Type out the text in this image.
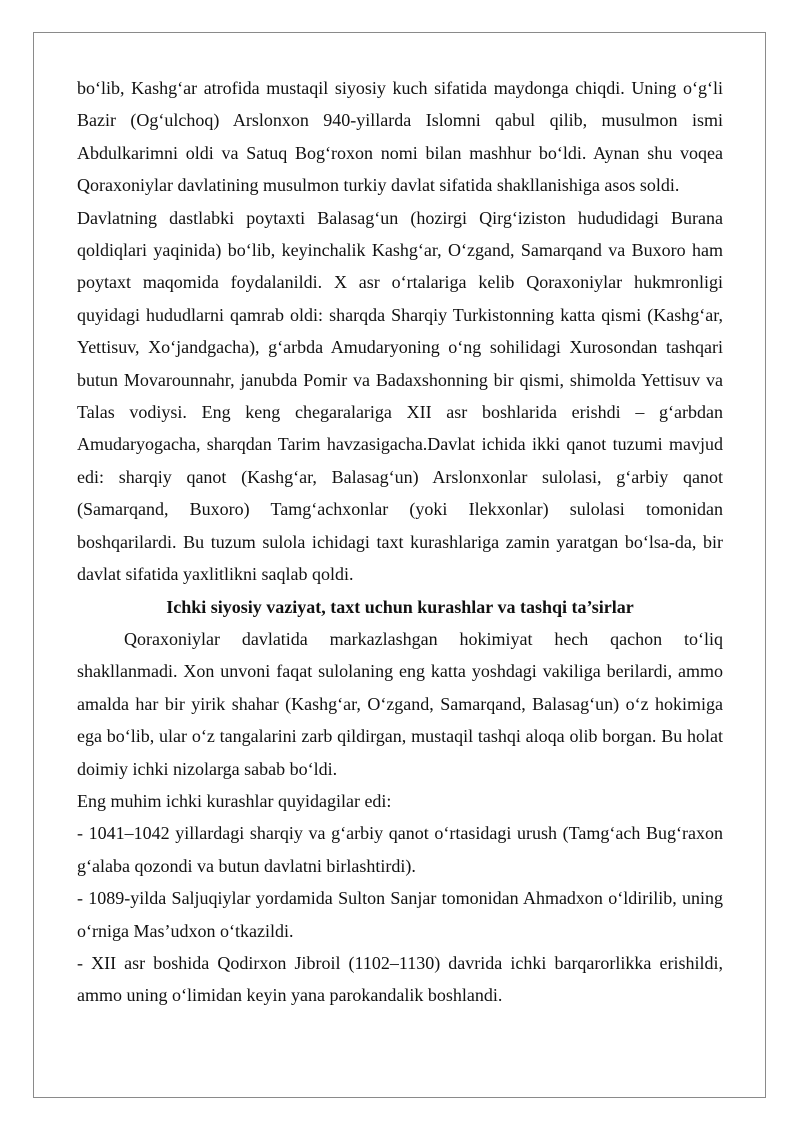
bo‘lib, Kashg‘ar atrofida mustaqil siyosiy kuch sifatida maydonga chiqdi. Uning o‘g‘li Bazir (Og‘ulchoq) Arslonxon 940-yillarda Islomni qabul qilib, musulmon ismi Abdulkarimni oldi va Satuq Bog‘roxon nomi bilan mashhur bo‘ldi. Aynan shu voqea Qoraxoniylar davlatining musulmon turkiy davlat sifatida shakllanishiga asos soldi.

Davlatning dastlabki poytaxti Balasag‘un (hozirgi Qirg‘iziston hududidagi Burana qoldiqlari yaqinida) bo‘lib, keyinchalik Kashg‘ar, O‘zgand, Samarqand va Buxoro ham poytaxt maqomida foydalanildi. X asr o‘rtalariga kelib Qoraxoniylar hukmronligi quyidagi hududlarni qamrab oldi: sharqda Sharqiy Turkistonning katta qismi (Kashg‘ar, Yettisuv, Xo‘jandgacha), g‘arbda Amudaryoning o‘ng sohilidagi Xurosondan tashqari butun Movarounnahr, janubda Pomir va Badaxshonning bir qismi, shimolda Yettisuv va Talas vodiysi. Eng keng chegaralariga XII asr boshlarida erishdi – g‘arbdan Amudaryogacha, sharqdan Tarim havzasigacha.Davlat ichida ikki qanot tuzumi mavjud edi: sharqiy qanot (Kashg‘ar, Balasag‘un) Arslonxonlar sulolasi, g‘arbiy qanot (Samarqand, Buxoro) Tamg‘achxonlar (yoki Ilekxonlar) sulolasi tomonidan boshqarilardi. Bu tuzum sulola ichidagi taxt kurashlariga zamin yaratgan bo‘lsa-da, bir davlat sifatida yaxlitlikni saqlab qoldi.

Ichki siyosiy vaziyat, taxt uchun kurashlar va tashqi ta’sirlar

Qoraxoniylar davlatida markazlashgan hokimiyat hech qachon to‘liq shakllanmadi. Xon unvoni faqat sulolaning eng katta yoshdagi vakiliga berilardi, ammo amalda har bir yirik shahar (Kashg‘ar, O‘zgand, Samarqand, Balasag‘un) o‘z hokimiga ega bo‘lib, ular o‘z tangalarini zarb qildirgan, mustaqil tashqi aloqa olib borgan. Bu holat doimiy ichki nizolarga sabab bo‘ldi.

Eng muhim ichki kurashlar quyidagilar edi:

- 1041–1042 yillardagi sharqiy va g‘arbiy qanot o‘rtasidagi urush (Tamg‘ach Bug‘raxon g‘alaba qozondi va butun davlatni birlashtirdi).

- 1089-yilda Saljuqiylar yordamida Sulton Sanjar tomonidan Ahmadxon o‘ldirilib, uning o‘rniga Mas’udxon o‘tkazildi.

- XII asr boshida Qodirxon Jibroil (1102–1130) davrida ichki barqarorlikka erishildi, ammo uning o‘limidan keyin yana parokandalik boshlandi.
